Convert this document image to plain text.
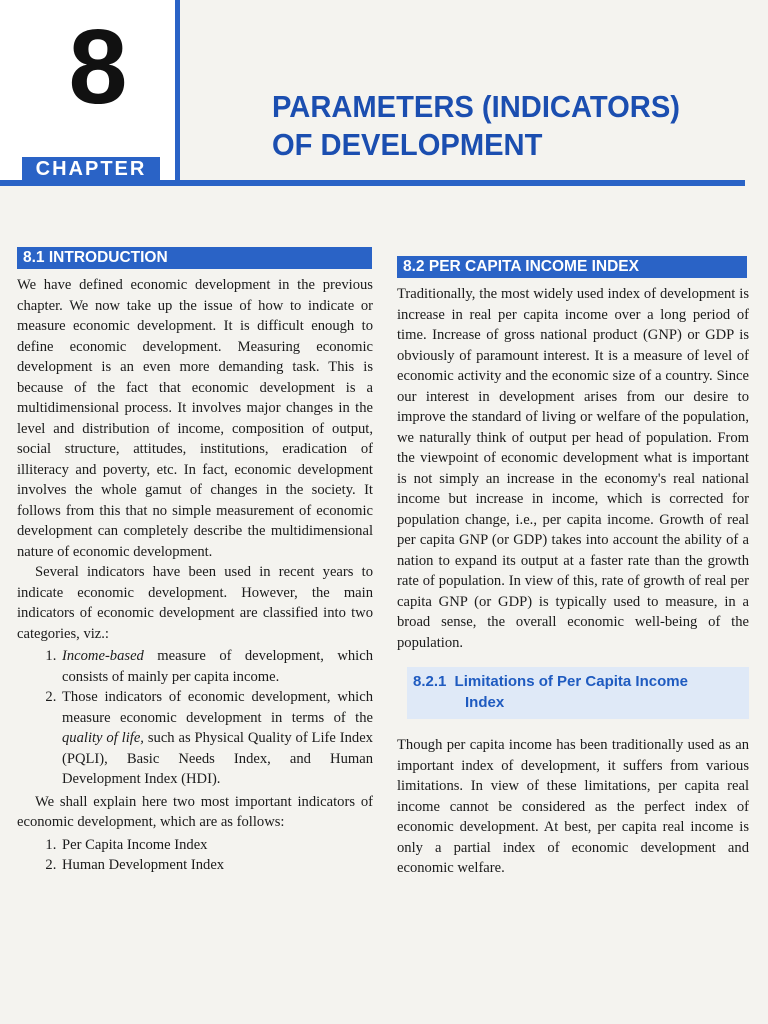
8
CHAPTER
PARAMETERS (INDICATORS)
OF DEVELOPMENT
8.1 INTRODUCTION

We have defined economic development in the previous chapter. We now take up the issue of how to indicate or measure economic development. It is difficult enough to define economic development. Measuring economic development is an even more demanding task. This is because of the fact that economic development is a multidimensional process. It involves major changes in the level and distribution of income, composition of output, social structure, attitudes, institutions, eradication of illiteracy and poverty, etc. In fact, economic development involves the whole gamut of changes in the society. It follows from this that no simple measurement of economic development can completely describe the multidimensional nature of economic development.

Several indicators have been used in recent years to indicate economic development. However, the main indicators of economic development are classified into two categories, viz.:

1. Income-based measure of development, which consists of mainly per capita income.
2. Those indicators of economic development, which measure economic development in terms of the quality of life, such as Physical Quality of Life Index (PQLI), Basic Needs Index, and Human Development Index (HDI).

We shall explain here two most important indicators of economic development, which are as follows:

1. Per Capita Income Index
2. Human Development Index
8.2 PER CAPITA INCOME INDEX

Traditionally, the most widely used index of development is increase in real per capita income over a long period of time. Increase of gross national product (GNP) or GDP is obviously of paramount interest. It is a measure of level of economic activity and the economic size of a country. Since our interest in development arises from our desire to improve the standard of living or welfare of the population, we naturally think of output per head of population. From the viewpoint of economic development what is important is not simply an increase in the economy's real national income but increase in income, which is corrected for population change, i.e., per capita income. Growth of real per capita GNP (or GDP) takes into account the ability of a nation to expand its output at a faster rate than the growth rate of population. In view of this, rate of growth of real per capita GNP (or GDP) is typically used to measure, in a broad sense, the overall economic well-being of the population.

8.2.1 Limitations of Per Capita Income
Index

Though per capita income has been traditionally used as an important index of development, it suffers from various limitations. In view of these limitations, per capita real income cannot be considered as the perfect index of economic development. At best, per capita real income is only a partial index of economic development and economic welfare.
